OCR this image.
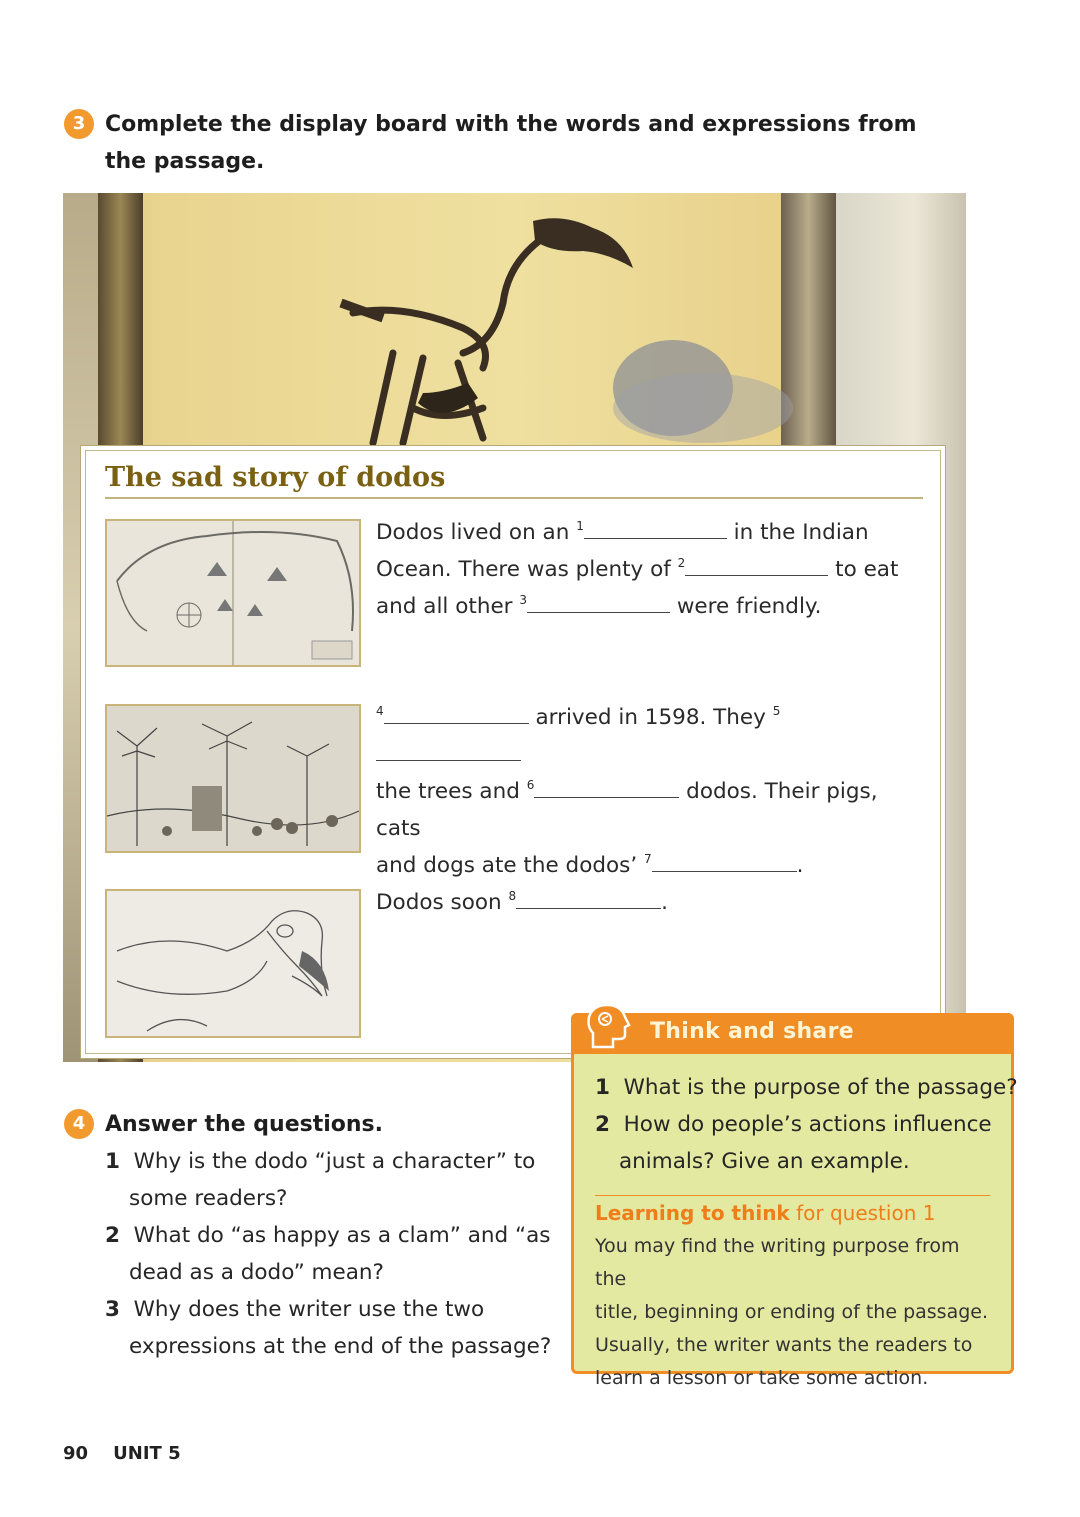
3 Complete the display board with the words and expressions from
the passage.
The sad story of dodos
Dodos lived on an $^1$	in the Indian
Ocean. There was plenty of $^2$	to eat
and all other $^3$	were friendly.
$^4$	arrived in 1598. They $^5$
the trees and $^6$	dodos. Their pigs, cats
and dogs ate the dodos’ $^7$	.
Dodos soon $^8$	.
Think and share
1 What is the purpose of the passage?
2 How do people’s actions influence
animals? Give an example.
Learning to think for question 1
You may find the writing purpose from the
title, beginning or ending of the passage.
Usually, the writer wants the readers to
learn a lesson or take some action.
4 Answer the questions.
1 Why is the dodo “just a character” to
some readers?
2 What do “as happy as a clam” and “as
dead as a dodo” mean?
3 Why does the writer use the two
expressions at the end of the passage?
90 UNIT 5
